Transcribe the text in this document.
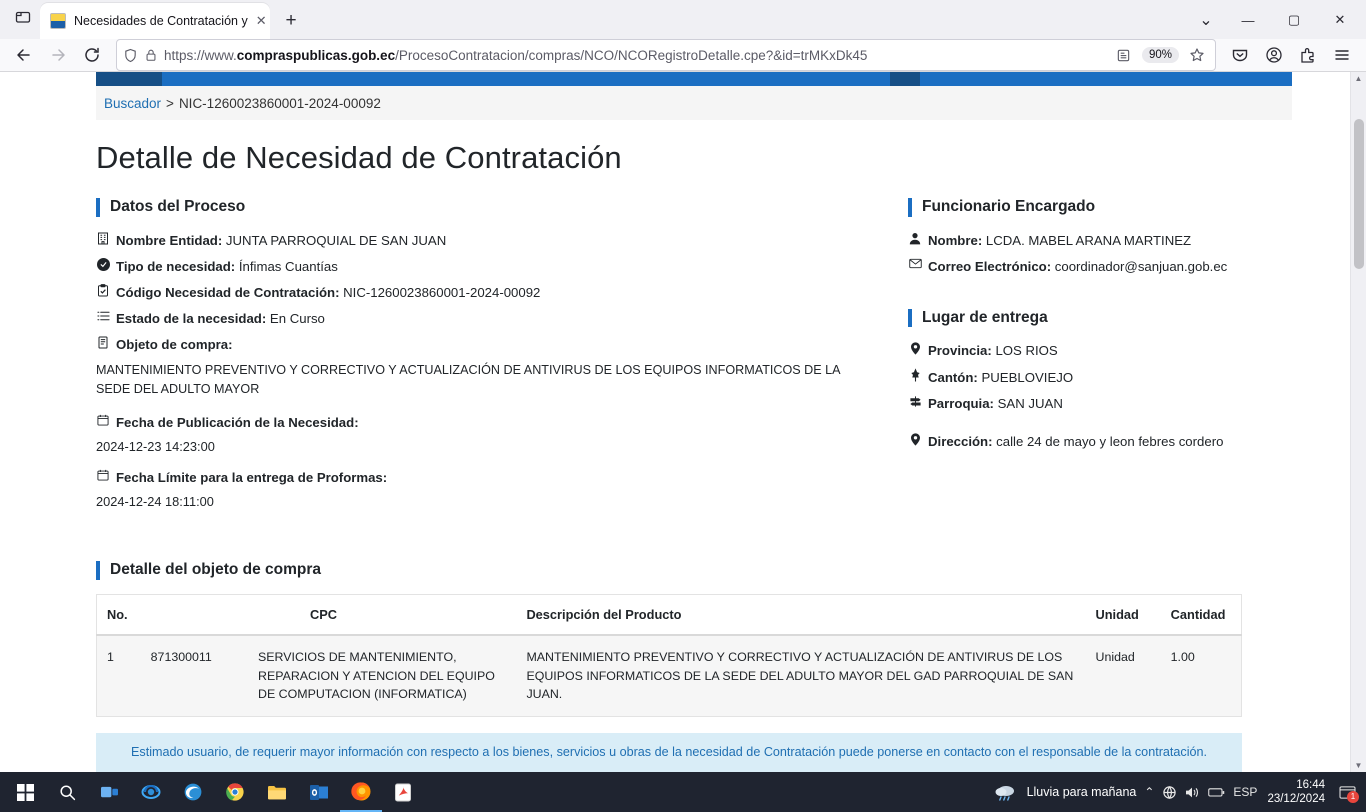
Necesidades de Contratación y ✕ +	⌄	—	▢	✕
https://www.compraspublicas.gob.ec/ProcesoContratacion/compras/NCO/NCORegistroDetalle.cpe?&id=trMKxDk45	90%
Buscador > NIC-1260023860001-2024-00092
Detalle de Necesidad de Contratación
Datos del Proceso
Nombre Entidad: JUNTA PARROQUIAL DE SAN JUAN
Tipo de necesidad: Ínfimas Cuantías
Código Necesidad de Contratación: NIC-1260023860001-2024-00092
Estado de la necesidad: En Curso
Objeto de compra:
MANTENIMIENTO PREVENTIVO Y CORRECTIVO Y ACTUALIZACIÓN DE ANTIVIRUS DE LOS EQUIPOS INFORMATICOS DE LA SEDE DEL ADULTO MAYOR
Fecha de Publicación de la Necesidad:
2024-12-23 14:23:00
Fecha Límite para la entrega de Proformas:
2024-12-24 18:11:00
Funcionario Encargado
Nombre: LCDA. MABEL ARANA MARTINEZ
Correo Electrónico: coordinador@sanjuan.gob.ec
Lugar de entrega
Provincia: LOS RIOS
Cantón: PUEBLOVIEJO
Parroquia: SAN JUAN
Dirección: calle 24 de mayo y leon febres cordero
Detalle del objeto de compra
No.	CPC		Descripción del Producto	Unidad	Cantidad
1	871300011	SERVICIOS DE MANTENIMIENTO, REPARACION Y ATENCION DEL EQUIPO DE COMPUTACION (INFORMATICA)	MANTENIMIENTO PREVENTIVO Y CORRECTIVO Y ACTUALIZACIÓN DE ANTIVIRUS DE LOS EQUIPOS INFORMATICOS DE LA SEDE DEL ADULTO MAYOR DEL GAD PARROQUIAL DE SAN JUAN.	Unidad	1.00
Estimado usuario, de requerir mayor información con respecto a los bienes, servicios u obras de la necesidad de Contratación puede ponerse en contacto con el responsable de la contratación.
▲
▼
Lluvia para mañana ⌃	ESP
16:44
23/12/2024	1
